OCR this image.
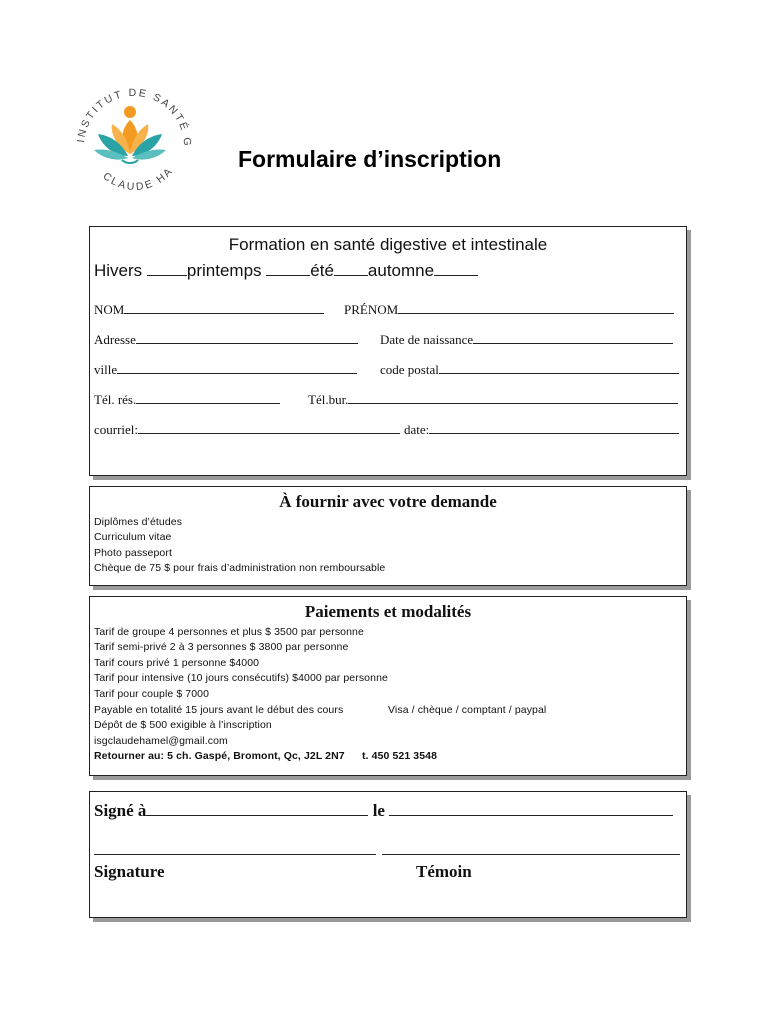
INSTITUT DE SANTÉ G
CLAUDE HA
Formulaire d’inscription
Formation en santé digestive et intestinale
Hivers	printemps	été automne
NOM	PRÉNOM
Adresse	Date de naissance
ville	code postal
Tél. rés.	Tél.bur.
courriel:	date:
À fournir avec votre demande
Diplômes d’études
Curriculum vitae
Photo passeport
Chèque de 75 $ pour frais d’administration non remboursable
Paiements et modalités
Tarif de groupe 4 personnes et plus $ 3500 par personne
Tarif semi-privé 2 à 3 personnes $ 3800 par personne
Tarif cours privé 1 personne $4000
Tarif pour intensive (10 jours consécutifs) $4000 par personne
Tarif pour couple $ 7000
Payable en totalité 15 jours avant le début des cours	Visa / chèque / comptant / paypal
Dépôt de $ 500 exigible à l’inscription
isgclaudehamel@gmail.com
Retourner au: 5 ch. Gaspé, Bromont, Qc, J2L 2N7 t. 450 521 3548
Signé à	le
Signature	Témoin
